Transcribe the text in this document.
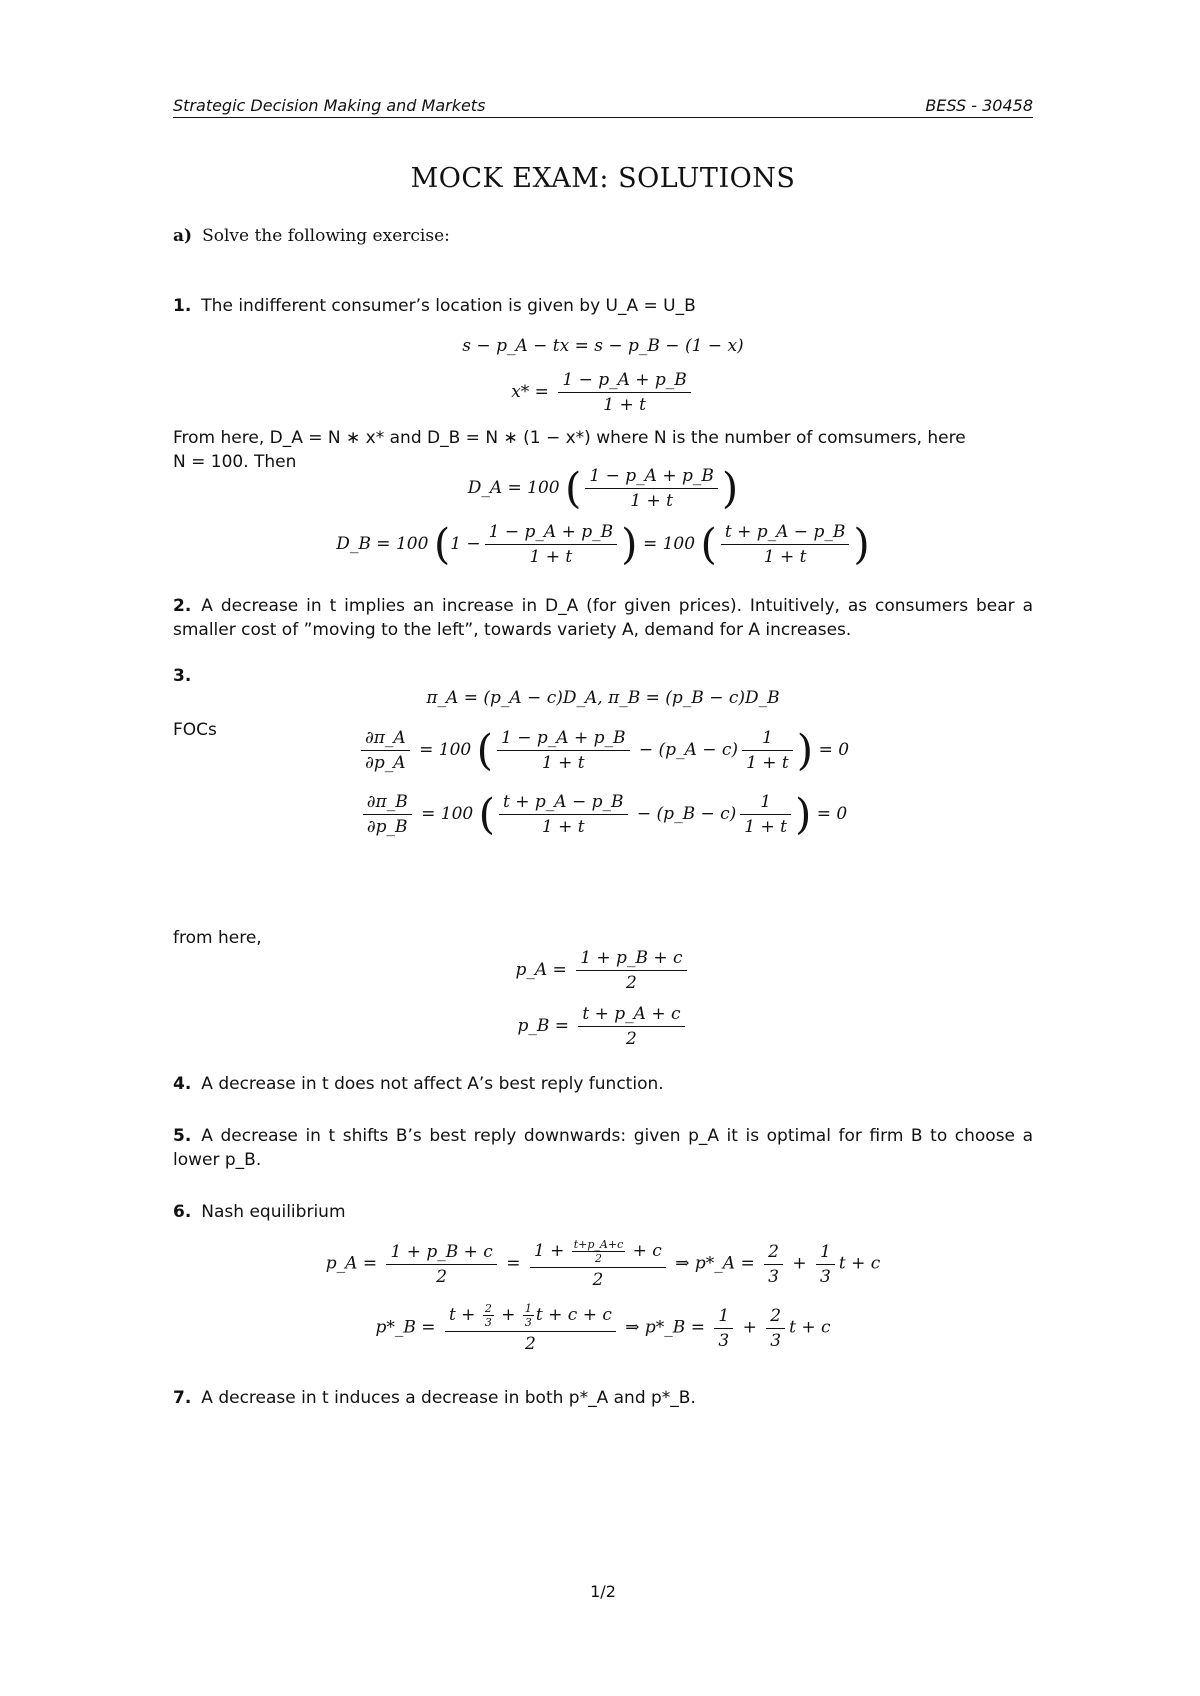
Strategic Decision Making and Markets	BESS - 30458
MOCK EXAM: SOLUTIONS
a) Solve the following exercise:
1. The indifferent consumer’s location is given by U_A = U_B
s − p_A − tx = s − p_B − (1 − x)
$x* = \frac{1 - p\_A + p\_B}{1 + t}$
From here, D_A = N ∗ x* and D_B = N ∗ (1 − x*) where N is the number of comsumers, here
N = 100. Then
D_A = 100 ( $\frac{1 - p\_A + p\_B}{1 + t}$ )
D_B = 100 ($1 - \frac{1 - p\_A + p\_B}{1 + t}$ ) = 100 ( $\frac{t + p\_A - p\_B}{1 + t}$ )
2. A decrease in t implies an increase in D_A (for given prices). Intuitively, as consumers bear a smaller cost of ”moving to the left”, towards variety A, demand for A increases.
3.
π_A = (p_A − c)D_A, π_B = (p_B − c)D_B
FOCs	$\frac{\partial\pi\_A}{\partial p\_A} = 100$ ( $\frac{1 - p\_A + p\_B}{1 + t}$ − (p_A − $c) \frac{1}{1 + t}$ ) = 0
$\frac{\partial\pi\_B}{\partial p\_B} = 100$ ( $\frac{t + p\_A - p\_B}{1 + t}$ − (p_B − $c) \frac{1}{1 + t}$ ) = 0
from here,
p_A = $\frac{1 + p\_B + c}{2}$
p_B = $\frac{t + p\_A + c}{2}$
4. A decrease in t does not affect A’s best reply function.
5. A decrease in t shifts B’s best reply downwards: given p_A it is optimal for firm B to choose a lower p_B.
6. Nash equilibrium
p_A = $\frac{1 + p\_B + c}{2} = \frac{1 + \frac{t+p\_A+c}{2} + c}{2}$ ⇒ p*_A = $\frac{2}{3} + \frac{1}{3}$ t + c
p*_B = $\frac{t + \frac{2}{3} + \frac{1}{3} t + c + c}{2}$ ⇒ p*_B = $\frac{1}{3} + \frac{2}{3}$ t + c
7. A decrease in t induces a decrease in both p*_A and p*_B.
1/2
